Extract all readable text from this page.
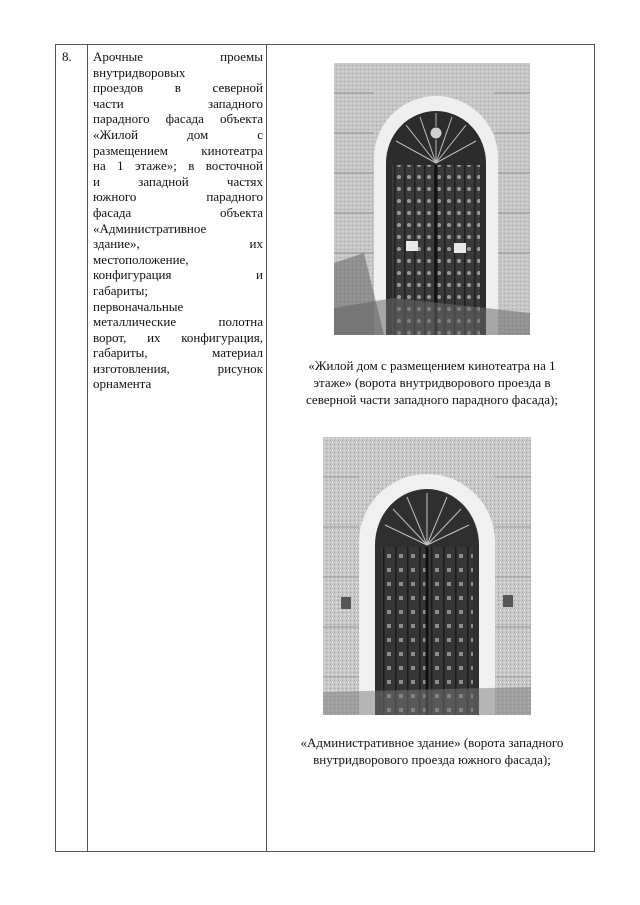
8. Арочные проемы
внутридворовых
проездов в северной
части западного
парадного фасада объекта
«Жилой дом с
размещением кинотеатра
на 1 этаже»; в восточной
и западной частях
южного парадного
фасада объекта
«Административное
здание», их
местоположение,
конфигурация и
габариты;
первоначальные
металлические полотна
ворот, их конфигурация,
габариты, материал
изготовления, рисунок
орнамента
«Жилой дом с размещением кинотеатра на 1
этаже» (ворота внутридворового проезда в
северной части западного парадного фасада);
«Административное здание» (ворота западного
внутридворового проезда южного фасада);
